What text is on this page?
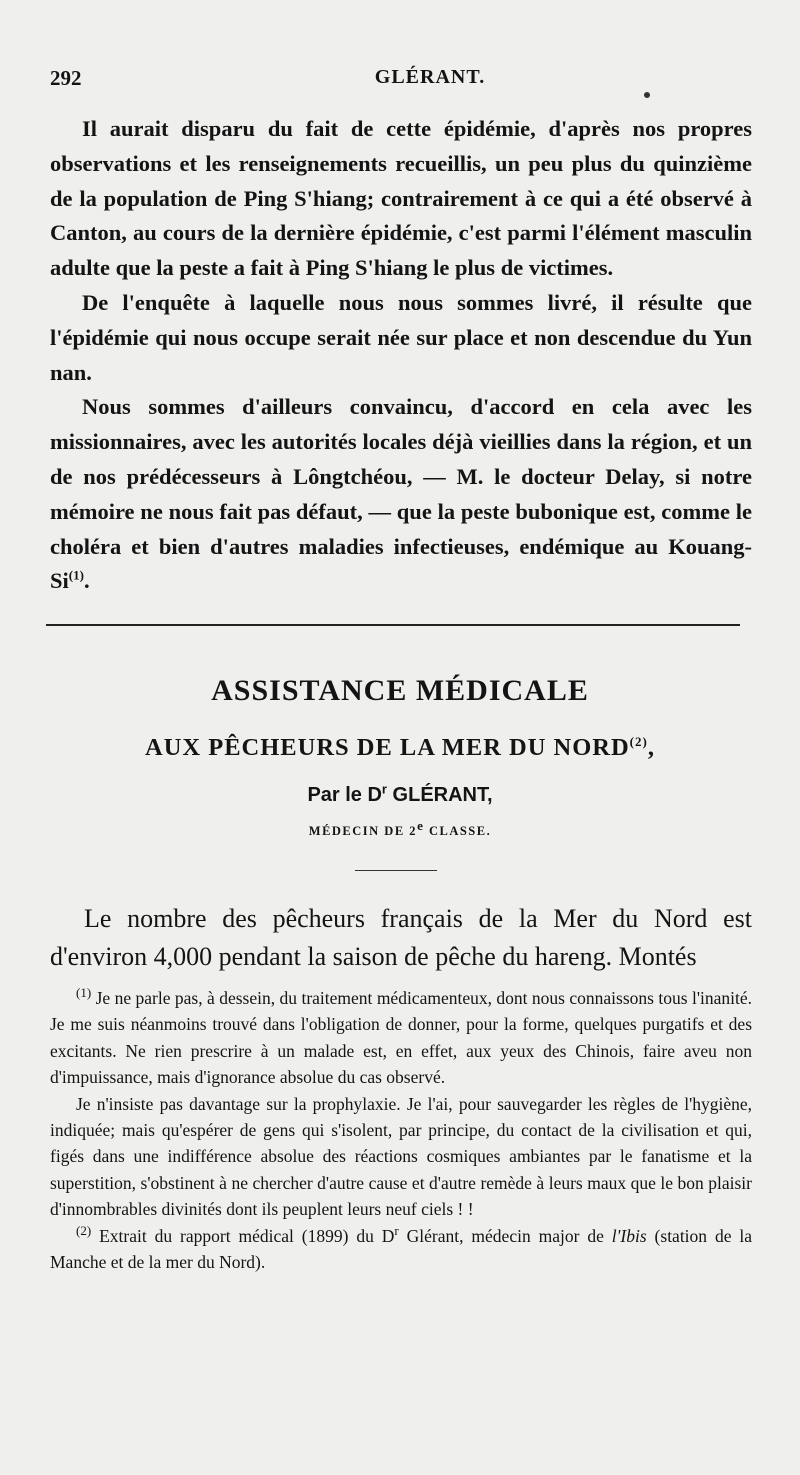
292	GLÉRANT.

Il aurait disparu du fait de cette épidémie, d'après nos propres observations et les renseignements recueillis, un peu plus du quinzième de la population de Ping S'hiang; contrairement à ce qui a été observé à Canton, au cours de la dernière épidémie, c'est parmi l'élément masculin adulte que la peste a fait à Ping S'hiang le plus de victimes.

De l'enquête à laquelle nous nous sommes livré, il résulte que l'épidémie qui nous occupe serait née sur place et non descendue du Yun nan.

Nous sommes d'ailleurs convaincu, d'accord en cela avec les missionnaires, avec les autorités locales déjà vieillies dans la région, et un de nos prédécesseurs à Lôngtchéou, — M. le docteur Delay, si notre mémoire ne nous fait pas défaut, — que la peste bubonique est, comme le choléra et bien d'autres maladies infectieuses, endémique au Kouang-Si$^{(1)}$.

ASSISTANCE MÉDICALE
AUX PÊCHEURS DE LA MER DU NORD$^{(2)}$,
Par le $D^r$ GLÉRANT,
MÉDECIN DE 2e CLASSE.

Le nombre des pêcheurs français de la Mer du Nord est d'environ 4,000 pendant la saison de pêche du hareng. Montés

$^{(1)}$ Je ne parle pas, à dessein, du traitement médicamenteux, dont nous connaissons tous l'inanité. Je me suis néanmoins trouvé dans l'obligation de donner, pour la forme, quelques purgatifs et des excitants. Ne rien prescrire à un malade est, en effet, aux yeux des Chinois, faire aveu non d'impuissance, mais d'ignorance absolue du cas observé.

Je n'insiste pas davantage sur la prophylaxie. Je l'ai, pour sauvegarder les règles de l'hygiène, indiquée; mais qu'espérer de gens qui s'isolent, par principe, du contact de la civilisation et qui, figés dans une indifférence absolue des réactions cosmiques ambiantes par le fanatisme et la superstition, s'obstinent à ne chercher d'autre cause et d'autre remède à leurs maux que le bon plaisir d'innombrables divinités dont ils peuplent leurs neuf ciels ! !

$^{(2)}$ Extrait du rapport médical (1899) du $D^r$ Glérant, médecin major de l'Ibis (station de la Manche et de la mer du Nord).
